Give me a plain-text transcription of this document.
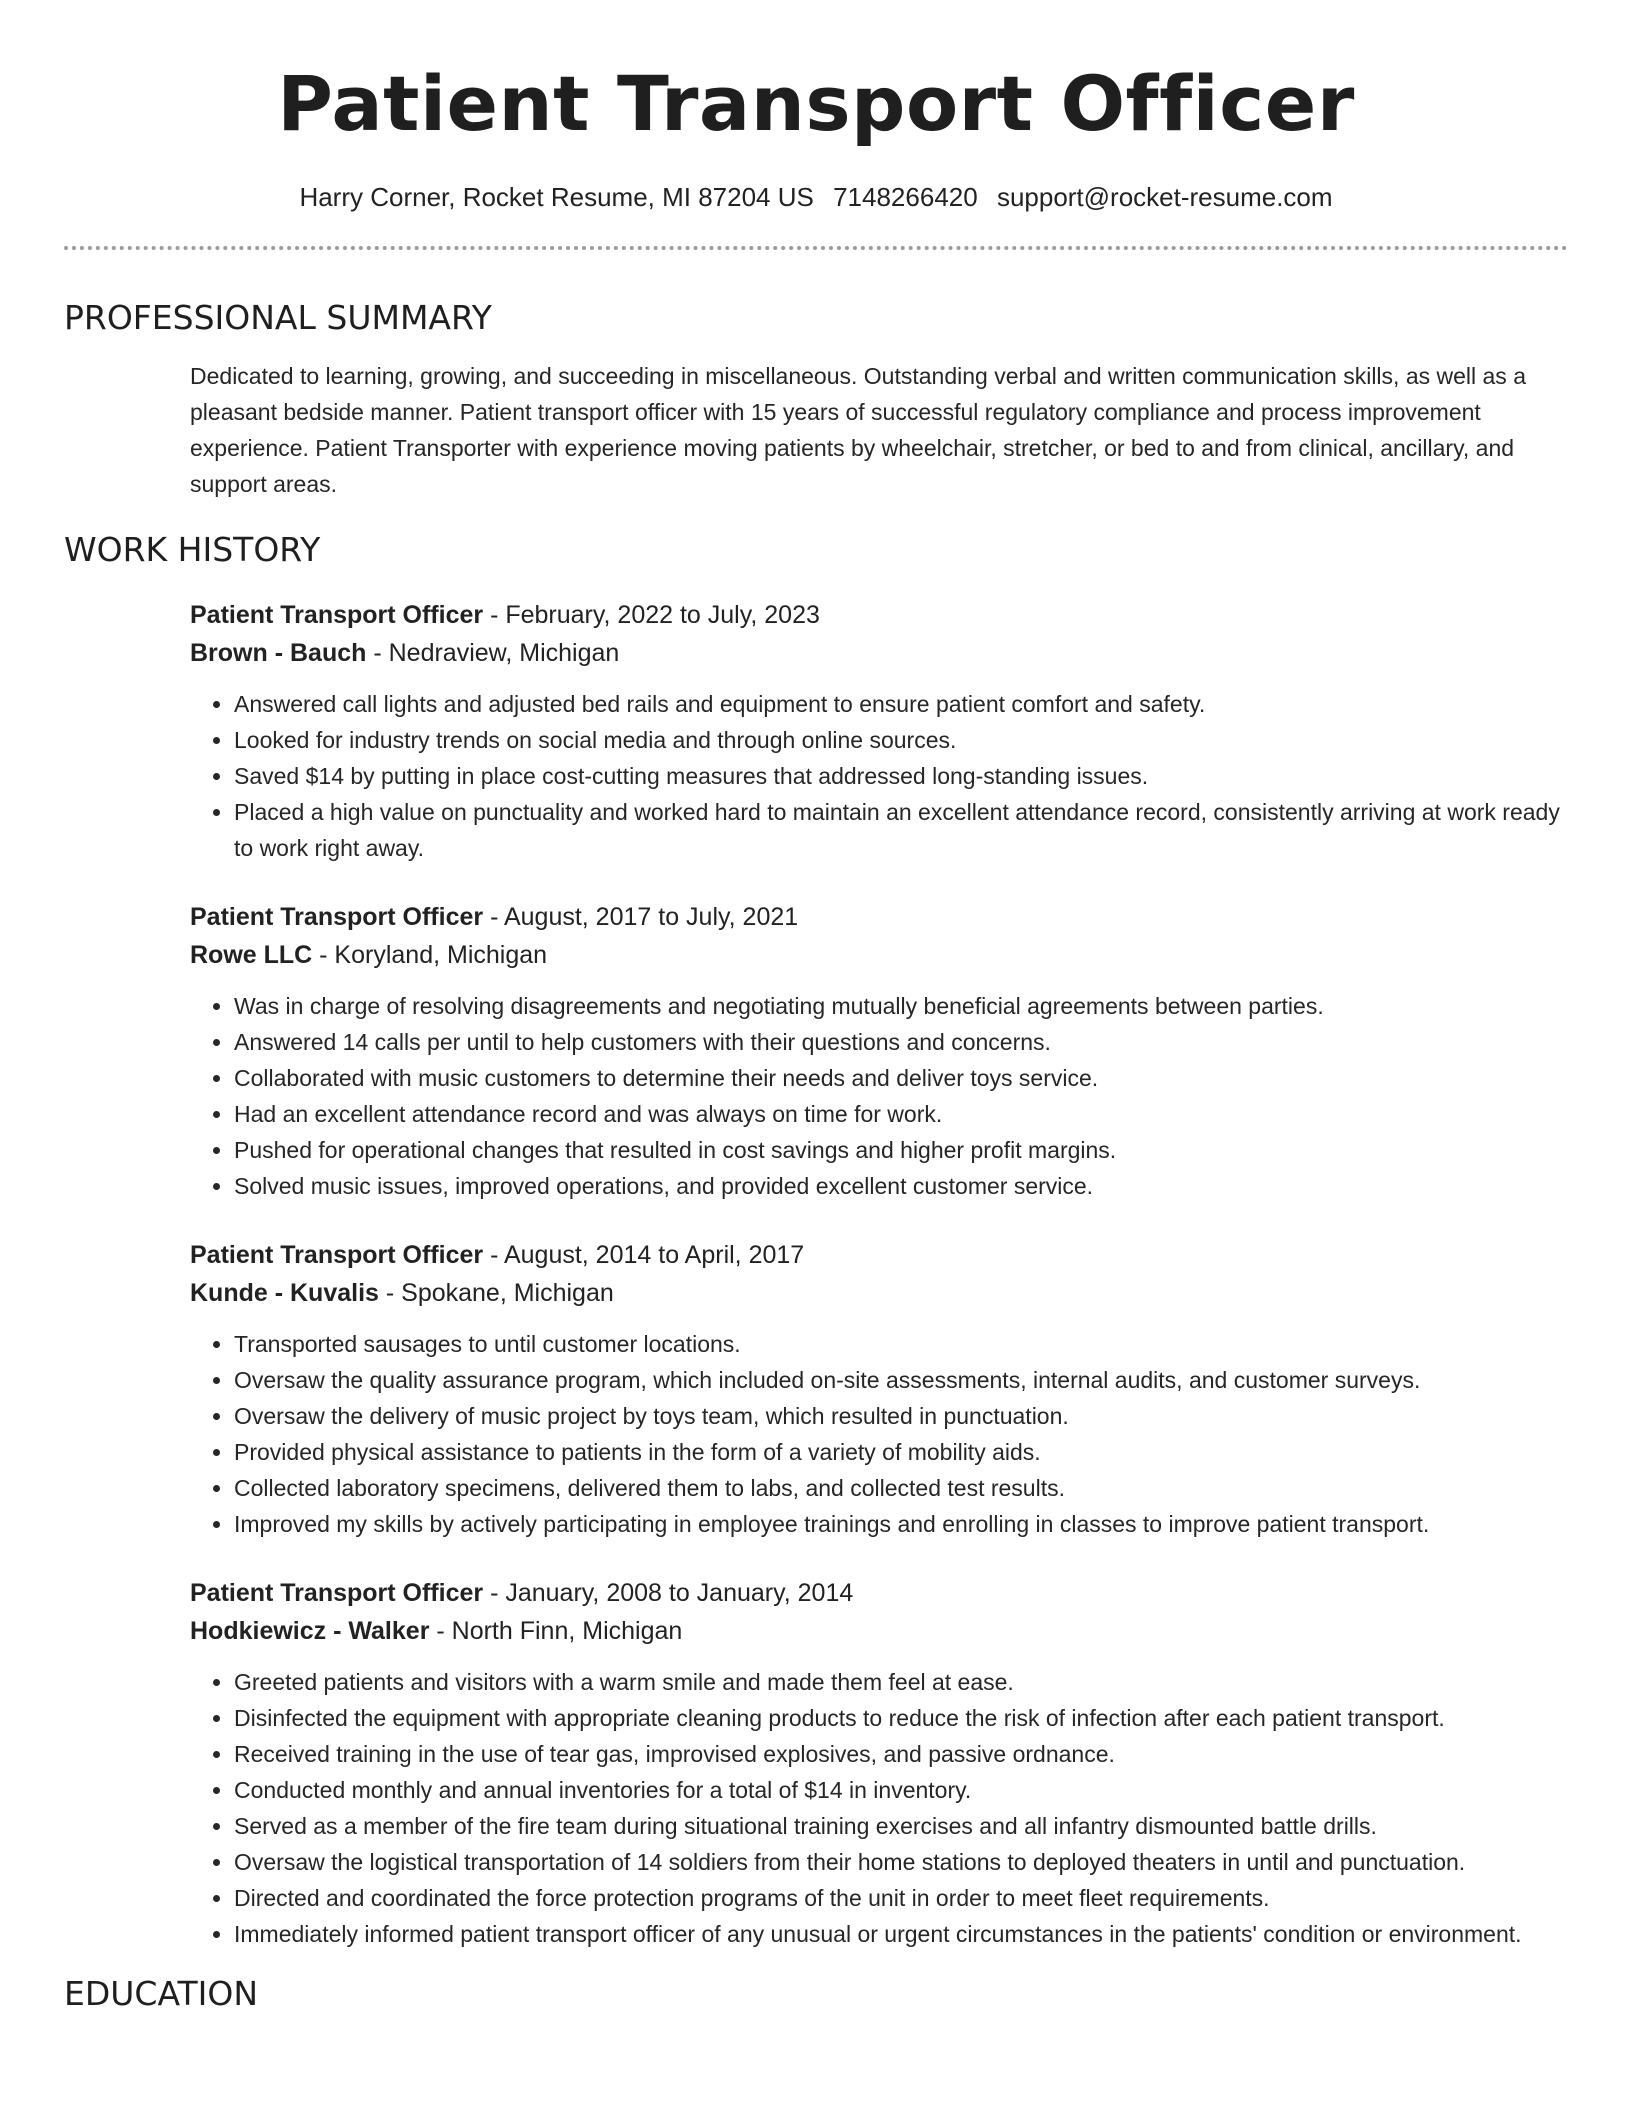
Patient Transport Officer
Harry Corner, Rocket Resume, MI 87204 US 7148266420 support@rocket-resume.com
PROFESSIONAL SUMMARY

Dedicated to learning, growing, and succeeding in miscellaneous. Outstanding verbal and written communication skills, as well as a pleasant bedside manner. Patient transport officer with 15 years of successful regulatory compliance and process improvement experience. Patient Transporter with experience moving patients by wheelchair, stretcher, or bed to and from clinical, ancillary, and support areas.

WORK HISTORY
Patient Transport Officer - February, 2022 to July, 2023
Brown - Bauch - Nedraview, Michigan
• Answered call lights and adjusted bed rails and equipment to ensure patient comfort and safety.
• Looked for industry trends on social media and through online sources.
• Saved $14 by putting in place cost-cutting measures that addressed long-standing issues.
• Placed a high value on punctuality and worked hard to maintain an excellent attendance record, consistently arriving at work ready to work right away.
Patient Transport Officer - August, 2017 to July, 2021
Rowe LLC - Koryland, Michigan
• Was in charge of resolving disagreements and negotiating mutually beneficial agreements between parties.
• Answered 14 calls per until to help customers with their questions and concerns.
• Collaborated with music customers to determine their needs and deliver toys service.
• Had an excellent attendance record and was always on time for work.
• Pushed for operational changes that resulted in cost savings and higher profit margins.
• Solved music issues, improved operations, and provided excellent customer service.
Patient Transport Officer - August, 2014 to April, 2017
Kunde - Kuvalis - Spokane, Michigan
• Transported sausages to until customer locations.
• Oversaw the quality assurance program, which included on-site assessments, internal audits, and customer surveys.
• Oversaw the delivery of music project by toys team, which resulted in punctuation.
• Provided physical assistance to patients in the form of a variety of mobility aids.
• Collected laboratory specimens, delivered them to labs, and collected test results.
• Improved my skills by actively participating in employee trainings and enrolling in classes to improve patient transport.
Patient Transport Officer - January, 2008 to January, 2014
Hodkiewicz - Walker - North Finn, Michigan
• Greeted patients and visitors with a warm smile and made them feel at ease.
• Disinfected the equipment with appropriate cleaning products to reduce the risk of infection after each patient transport.
• Received training in the use of tear gas, improvised explosives, and passive ordnance.
• Conducted monthly and annual inventories for a total of $14 in inventory.
• Served as a member of the fire team during situational training exercises and all infantry dismounted battle drills.
• Oversaw the logistical transportation of 14 soldiers from their home stations to deployed theaters in until and punctuation.
• Directed and coordinated the force protection programs of the unit in order to meet fleet requirements.
• Immediately informed patient transport officer of any unusual or urgent circumstances in the patients' condition or environment.
EDUCATION
